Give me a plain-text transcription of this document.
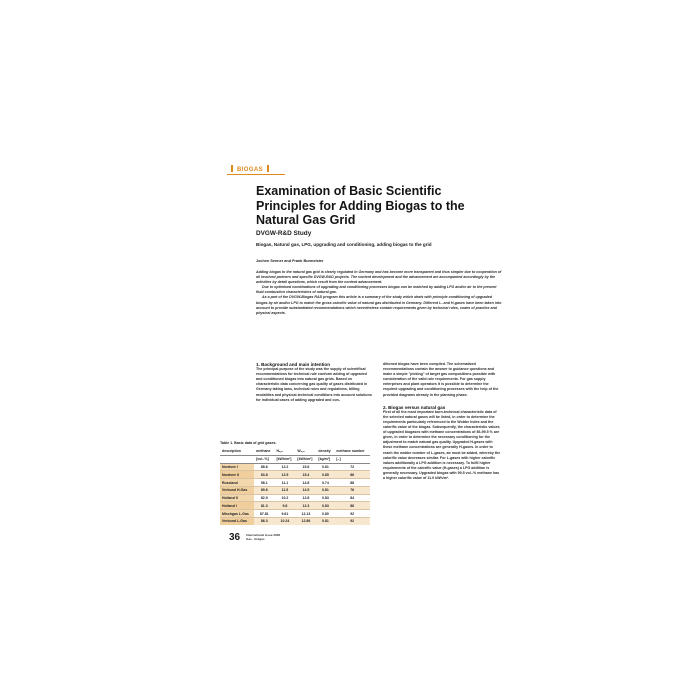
BIOGAS
Examination of Basic Scientific Principles for Adding Biogas to the Natural Gas Grid
DVGW-R&D Study
Biogas, Natural gas, LPG, upgrading and conditioning, adding biogas to the grid
Jochen Senner and Frank Burmeister

Adding biogas to the natural gas grid is clearly regulated in Germany and has become more transparent and thus simpler due to cooperation of all involved partners and specific DVGW-R&D projects. The content development and the advancement are accompanied accordingly by the activities by detail questions, which result from the content advancement.

Due to optimised combinations of upgrading and conditioning processes biogas can be matched by adding LPG and/or air to the present fluid combustion characteristics of natural gas.

As a part of the DVGW-Biogas R&D program this article is a summary of the study which deals with principle conditioning of upgraded biogas by air and/or LPG to match the gross calorific value of natural gas distributed in Germany. Different L- and H-gases have been taken into account to provide substantiated recommendations which nevertheless contain requirements given by technical rules, codes of practice and physical aspects.

1. Background and main intention

The principal purpose of the study was the supply of scientifical recommendations for technical rule conform adding of upgraded and conditioned biogas into natural gas grids. Based on characteristic data concerning gas quality of gases distributed in Germany taking laws, technical rules and regulations, billing modalities and physical-technical conditions into account solutions for individual cases of adding upgraded and con-

ditioned biogas have been compiled. The schematized recommendations contain the answer to guidance questions and make a simple "picking" of target gas compositions possible with consideration of the valid rule requirements. For gas supply enterprises and plant operators it is possible to determine the required upgrading and conditioning processes with the help of the provided diagrams already in the planning phase.

2. Biogas versus natural gas

First of all the most important burn-technical characteristic data of the selected natural gases will be listed, in order to determine the requirements particularly referenced to the Wobbe index and the calorific value of the biogas. Subsequently, the characteristic values of upgraded biogases with methane concentrations of 86-99.5 % are given, in order to determine the necessary conditioning for the adjustment to match natural gas quality. Upgraded H-gases with these methane concentrations are generally H-gases. In order to reach the wobbe number of L-gases, air must be added, whereby the calorific value decreases similar. For L-gases with higher calorific values additionally a LPG addition is necessary. To fulfil higher requirements of the calorific value (H-gases) a LPG addition is generally necessary. Upgraded biogas with 99.5 vol.-% methane has a higher calorific value of 11.0 kWh/m³.

Table 1. Basic data of grid gases.
description	methane	Hₛ,ₙ	Wₛ,ₙ	density	methane number
	[vol.-%]	[kWh/m³]	[kWh/m³]	[kg/m³]	[–]
Nordsee I	88.6	12.2	15.6	0.81	72
Nordsee II	83.8	12.5	15.4	0.85	66
Russland	98.1	11.1	14.8	0.74	88
Verbund H-Gas	89.6	11.5	14.5	0.81	76
Holland II	82.9	10.2	12.8	0.83	84
Holland I	81.3	9.8	12.3	0.83	88
Mischgas L-Gas	87.81	9.61	12.13	0.80	92
Verbund L-Gas	86.3	10.24	12.86	0.81	92
36 International Issue 2008
Gas · Erdgas
